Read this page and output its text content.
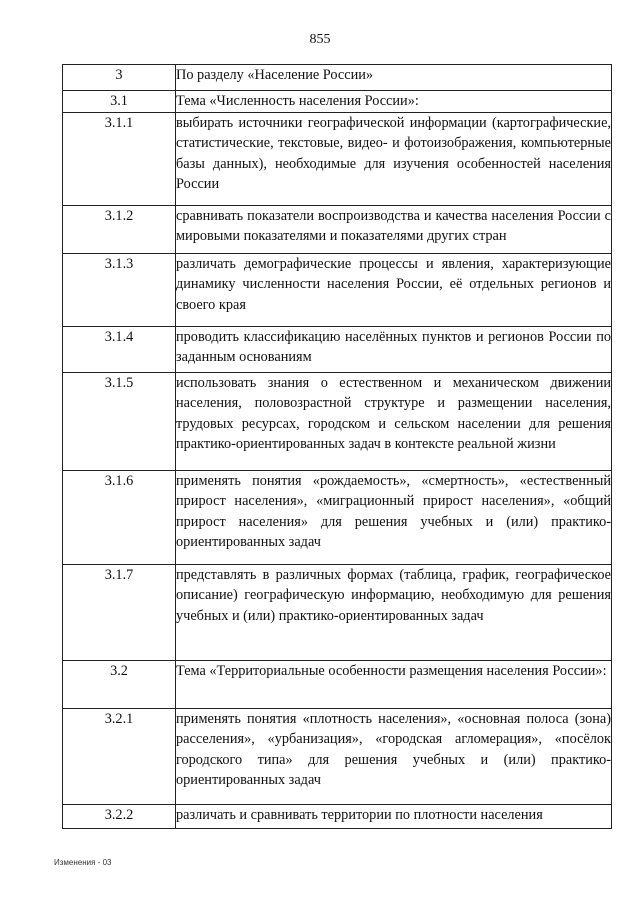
855
3	По разделу «Население России»
3.1	Тема «Численность населения России»:
3.1.1	выбирать источники географической информации (картографические, статистические, текстовые, видео- и фотоизображения, компьютерные базы данных), необходимые для изучения особенностей населения России
3.1.2	сравнивать показатели воспроизводства и качества населения России с мировыми показателями и показателями других стран
3.1.3	различать демографические процессы и явления, характеризующие динамику численности населения России, её отдельных регионов и своего края
3.1.4	проводить классификацию населённых пунктов и регионов России по заданным основаниям
3.1.5	использовать знания о естественном и механическом движении населения, половозрастной структуре и размещении населения, трудовых ресурсах, городском и сельском населении для решения практико-ориентированных задач в контексте реальной жизни
3.1.6	применять понятия «рождаемость», «смертность», «естественный прирост населения», «миграционный прирост населения», «общий прирост населения» для решения учебных и (или) практико-ориентированных задач
3.1.7	представлять в различных формах (таблица, график, географическое описание) географическую информацию, необходимую для решения учебных и (или) практико-ориентированных задач
3.2	Тема «Территориальные особенности размещения населения России»:
3.2.1	применять понятия «плотность населения», «основная полоса (зона) расселения», «урбанизация», «городская агломерация», «посёлок городского типа» для решения учебных и (или) практико-ориентированных задач
3.2.2	различать и сравнивать территории по плотности населения
Изменения - 03
